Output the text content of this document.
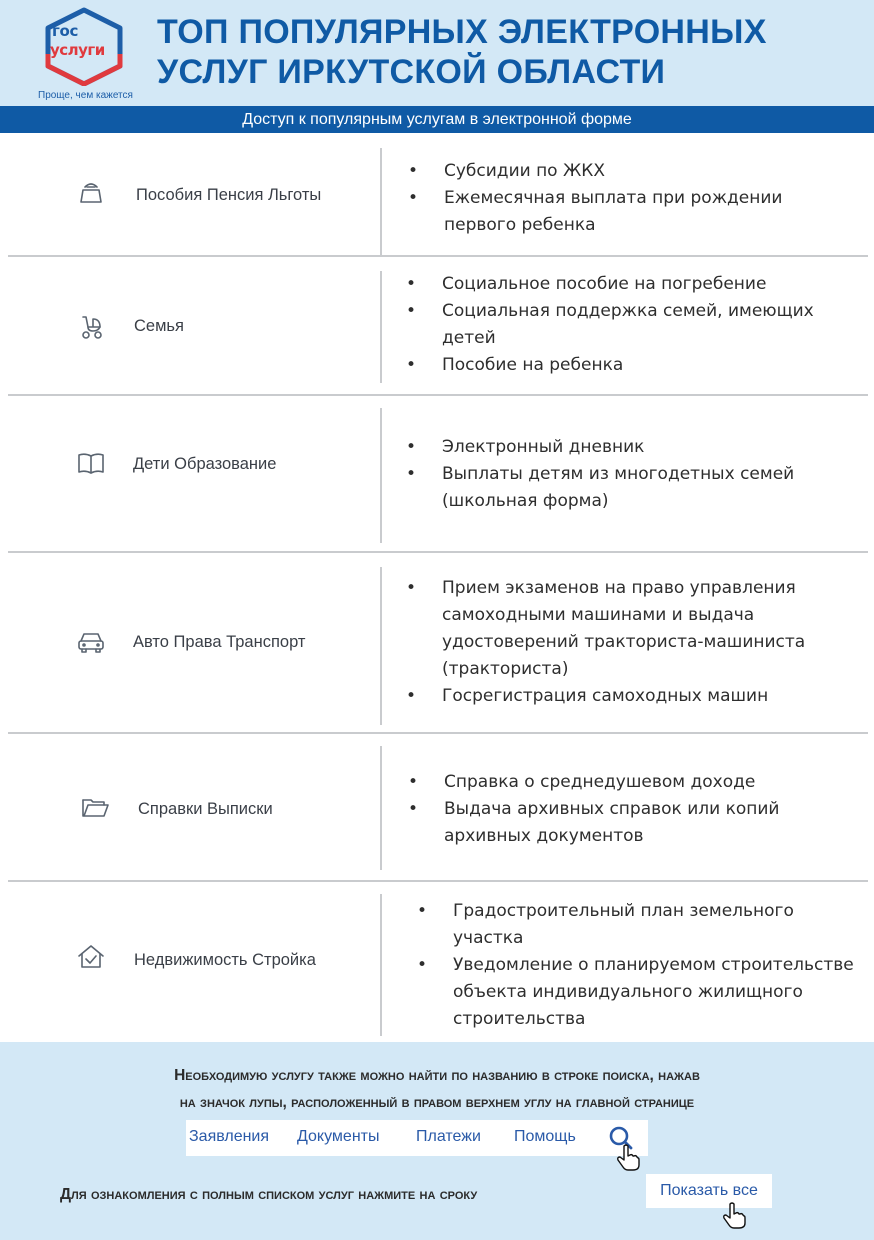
гос
услуги
Проще, чем кажется
ТОП ПОПУЛЯРНЫХ ЭЛЕКТРОННЫХ УСЛУГ ИРКУТСКОЙ ОБЛАСТИ
Доступ к популярным услугам в электронной форме
Пособия Пенсия Льготы
• Субсидии по ЖКХ
• Ежемесячная выплата при рождении первого ребенка
Семья
• Социальное пособие на погребение
• Социальная поддержка семей, имеющих детей
• Пособие на ребенка
Дети Образование
• Электронный дневник
• Выплаты детям из многодетных семей (школьная форма)
Авто Права Транспорт
• Прием экзаменов на право управления самоходными машинами и выдача удостоверений тракториста-машиниста (тракториста)
• Госрегистрация самоходных машин
Справки Выписки
• Справка о среднедушевом доходе
• Выдача архивных справок или копий архивных документов
Недвижимость Стройка
• Градостроительный план земельного участка
• Уведомление о планируемом строительстве объекта индивидуального жилищного строительства
Необходимую услугу также можно найти по названию в строке поиска, нажав
на значок лупы, расположенный в правом верхнем углу на главной странице
Заявления Документы Платежи Помощь
Для ознакомления с полным списком услуг нажмите на сроку	Показать все
